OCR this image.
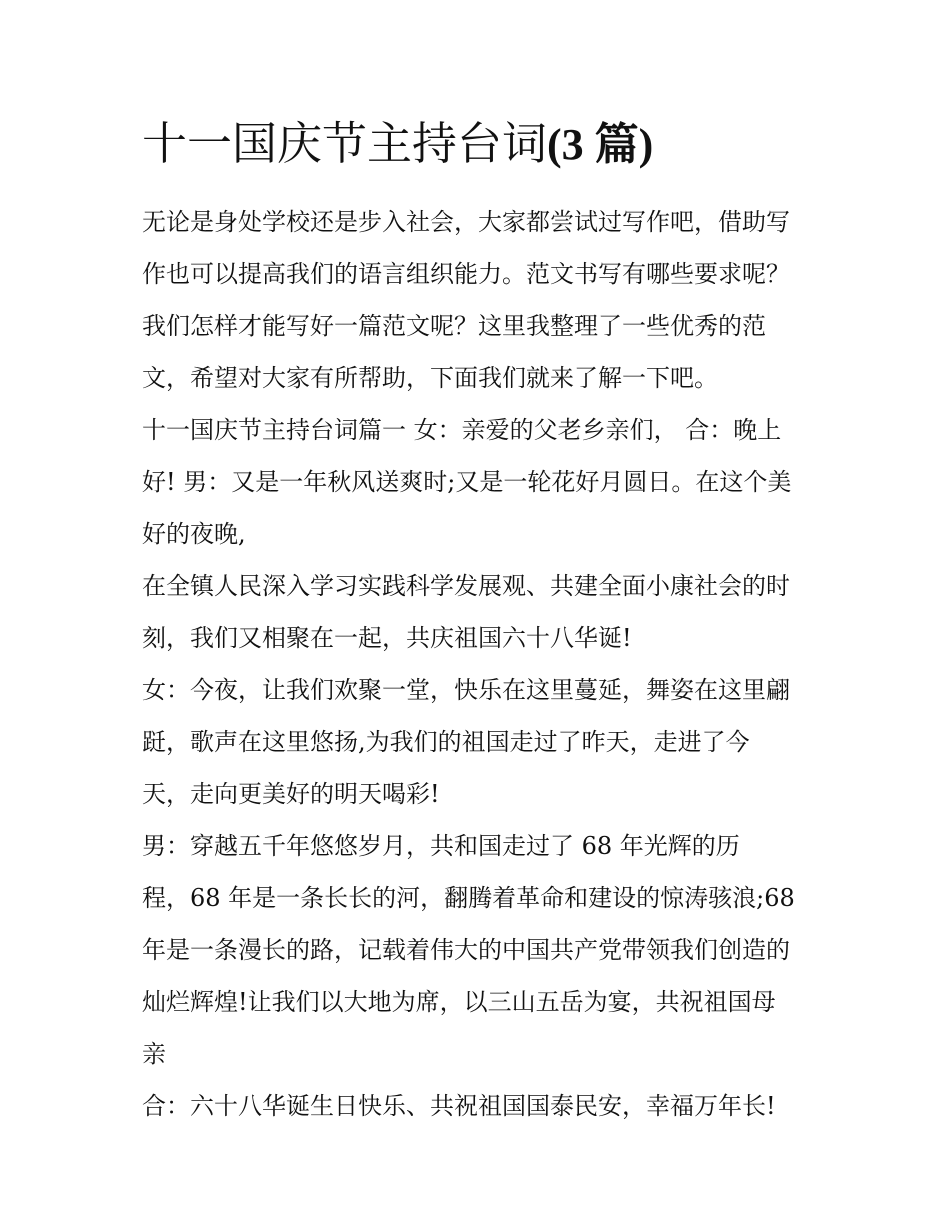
十一国庆节主持台词(3 篇)
无论是身处学校还是步入社会，大家都尝试过写作吧，借助写
作也可以提高我们的语言组织能力。范文书写有哪些要求呢？
我们怎样才能写好一篇范文呢？这里我整理了一些优秀的范
文，希望对大家有所帮助，下面我们就来了解一下吧。
十一国庆节主持台词篇一 女：亲爱的父老乡亲们， 合：晚上
好! 男：又是一年秋风送爽时;又是一轮花好月圆日。在这个美
好的夜晚,
在全镇人民深入学习实践科学发展观、共建全面小康社会的时
刻，我们又相聚在一起，共庆祖国六十八华诞!
女：今夜，让我们欢聚一堂，快乐在这里蔓延，舞姿在这里翩
跹，歌声在这里悠扬,为我们的祖国走过了昨天，走进了今
天，走向更美好的明天喝彩!
男：穿越五千年悠悠岁月，共和国走过了 68 年光辉的历
程，68 年是一条长长的河，翻腾着革命和建设的惊涛骇浪;68
年是一条漫长的路，记载着伟大的中国共产党带领我们创造的
灿烂辉煌!让我们以大地为席，以三山五岳为宴，共祝祖国母
亲
合：六十八华诞生日快乐、共祝祖国国泰民安，幸福万年长!
